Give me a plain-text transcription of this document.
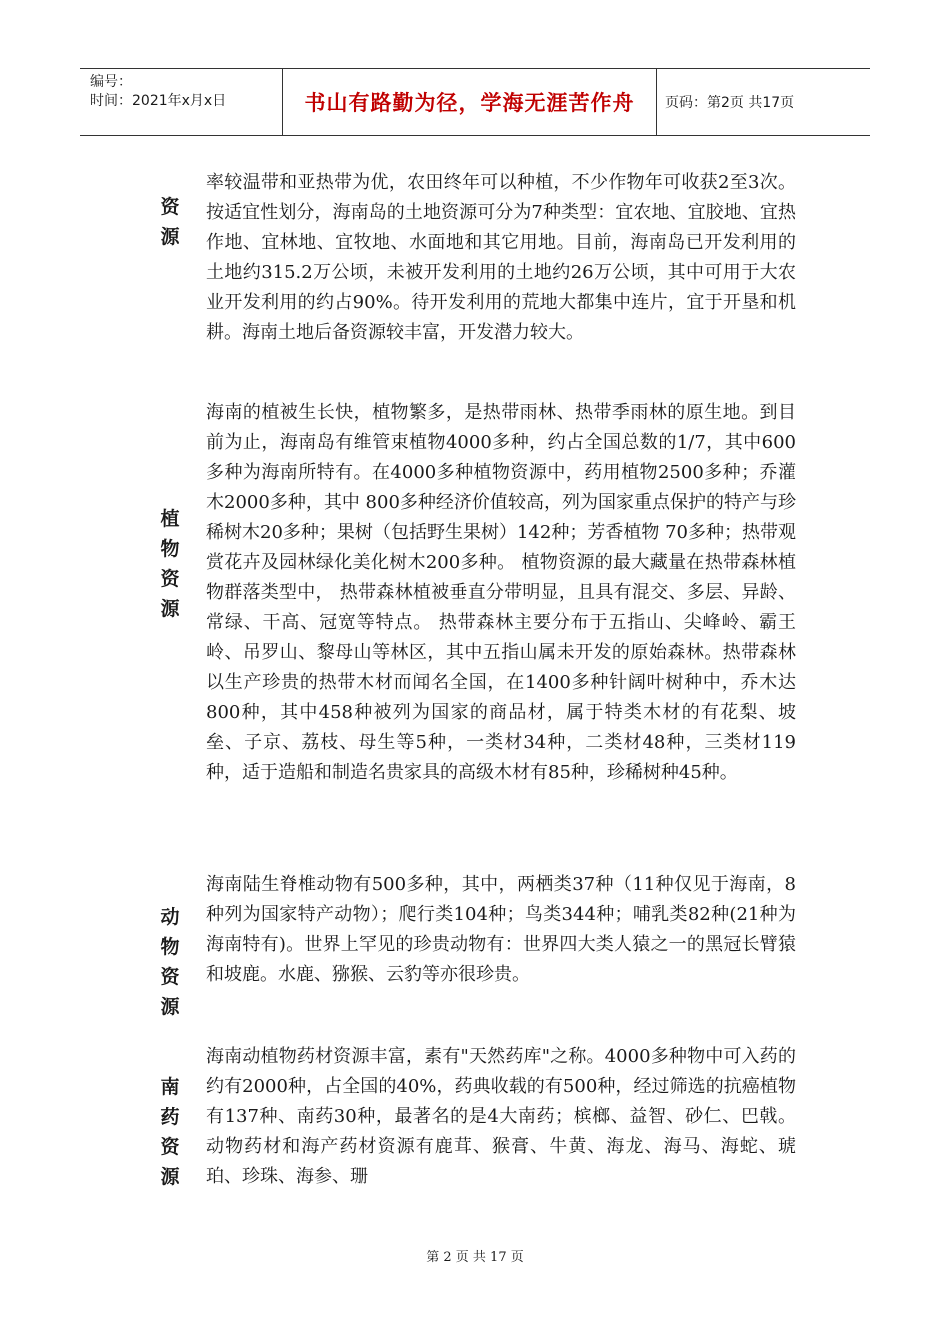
编号：
时间：2021年x月x日	书山有路勤为径，学海无涯苦作舟	页码：第2页 共17页
资源

率较温带和亚热带为优，农田终年可以种植，不少作物年可收获2至3次。按适宜性划分，海南岛的土地资源可分为7种类型：宜农地、宜胶地、宜热作地、宜林地、宜牧地、水面地和其它用地。目前，海南岛已开发利用的土地约315.2万公顷，未被开发利用的土地约26万公顷，其中可用于大农业开发利用的约占90%。待开发利用的荒地大都集中连片，宜于开垦和机耕。海南土地后备资源较丰富，开发潜力较大。

植物资源

海南的植被生长快，植物繁多，是热带雨林、热带季雨林的原生地。到目前为止，海南岛有维管束植物4000多种，约占全国总数的1/7，其中600多种为海南所特有。在4000多种植物资源中，药用植物2500多种；乔灌木2000多种，其中 800多种经济价值较高，列为国家重点保护的特产与珍稀树木20多种；果树（包括野生果树）142种；芳香植物 70多种；热带观赏花卉及园林绿化美化树木200多种。 植物资源的最大藏量在热带森林植物群落类型中， 热带森林植被垂直分带明显，且具有混交、多层、异龄、常绿、干高、冠宽等特点。 热带森林主要分布于五指山、尖峰岭、霸王岭、吊罗山、黎母山等林区，其中五指山属未开发的原始森林。热带森林以生产珍贵的热带木材而闻名全国，在1400多种针阔叶树种中，乔木达800种，其中458种被列为国家的商品材，属于特类木材的有花梨、坡垒、子京、荔枝、母生等5种，一类材34种，二类材48种，三类材119种，适于造船和制造名贵家具的高级木材有85种，珍稀树种45种。

动物资源

海南陆生脊椎动物有500多种，其中，两栖类37种（11种仅见于海南，8种列为国家特产动物）；爬行类104种；鸟类344种；哺乳类82种(21种为海南特有)。世界上罕见的珍贵动物有：世界四大类人猿之一的黑冠长臂猿和坡鹿。水鹿、猕猴、云豹等亦很珍贵。

南药资源

海南动植物药材资源丰富，素有"天然药库"之称。4000多种物中可入药的约有2000种，占全国的40%，药典收载的有500种，经过筛选的抗癌植物有137种、南药30种，最著名的是4大南药；槟榔、益智、砂仁、巴戟。动物药材和海产药材资源有鹿茸、猴膏、牛黄、海龙、海马、海蛇、琥珀、珍珠、海参、珊

第 2 页 共 17 页
